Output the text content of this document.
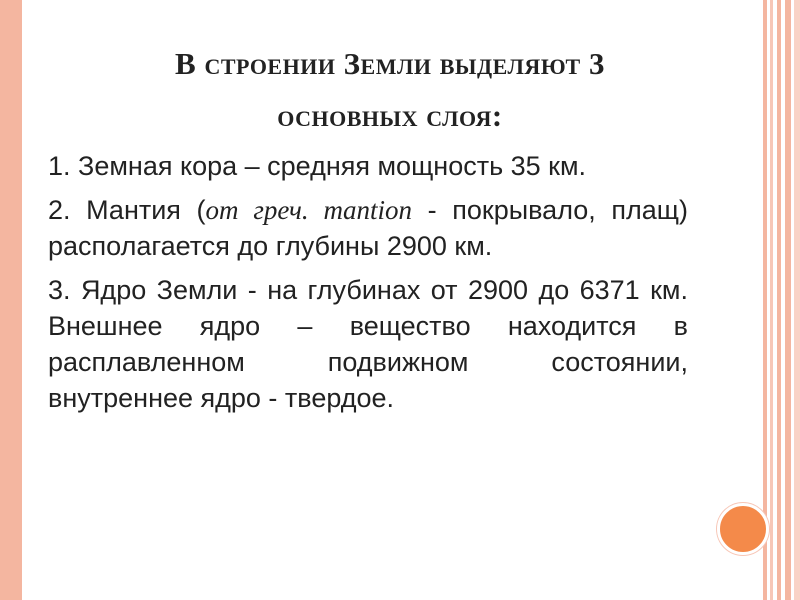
В строении Земли выделяют 3
основных слоя:

1. Земная кора – средняя мощность 35 км.

2. Мантия (от греч. mantion - покрывало, плащ) располагается до глубины 2900 км.

3. Ядро Земли - на глубинах от 2900 до 6371 км. Внешнее ядро – вещество находится в расплавленном подвижном состоянии, внутреннее ядро - твердое.
